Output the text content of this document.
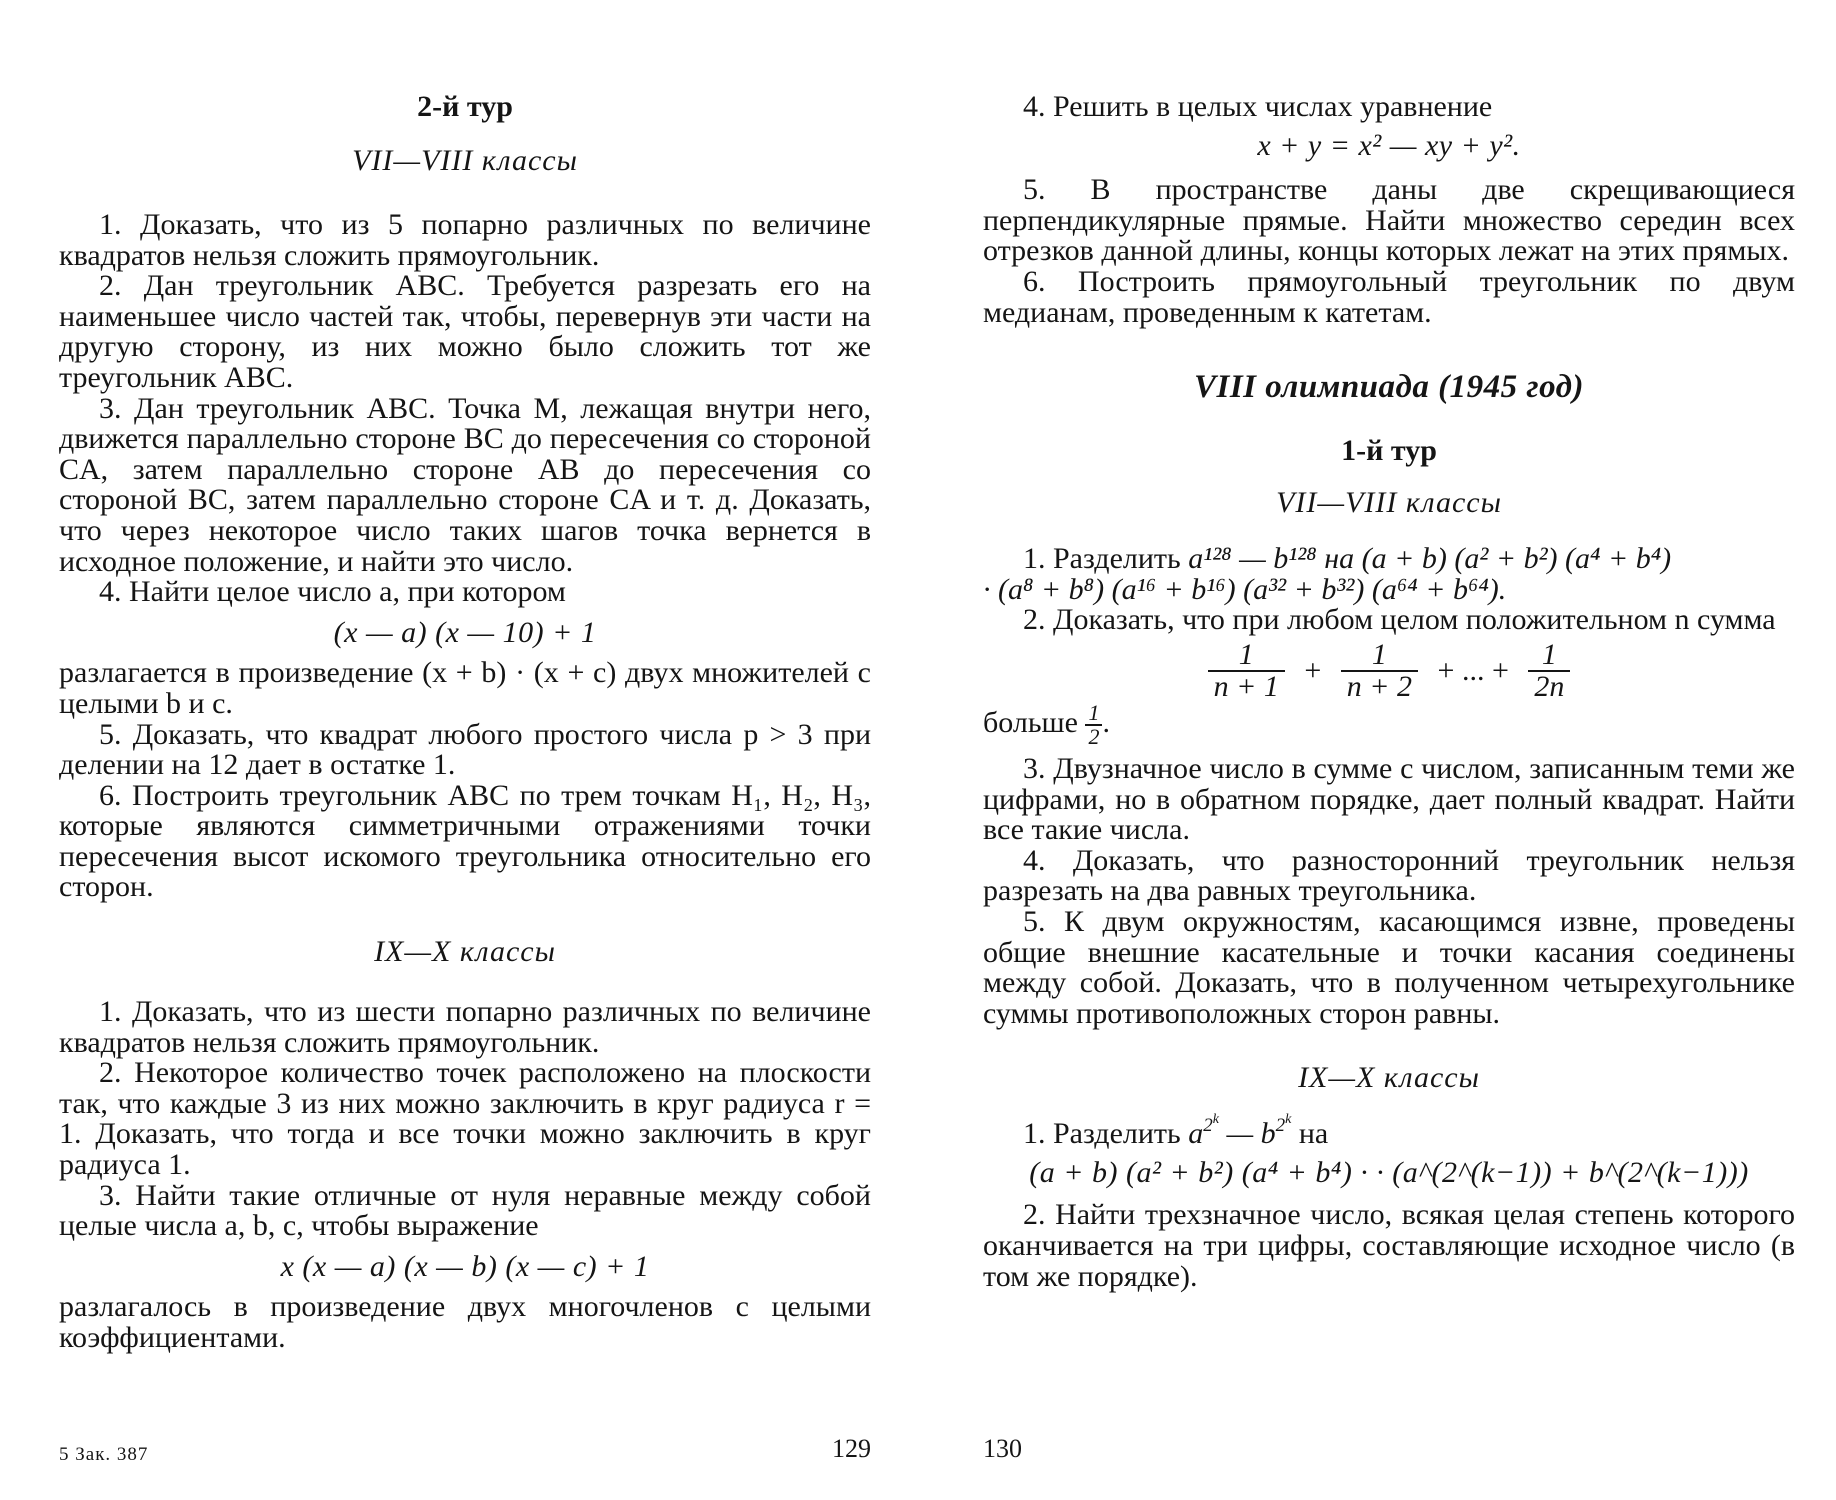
2-й тур

VII—VIII классы

1. Доказать, что из 5 попарно различных по величине квадратов нельзя сложить прямоугольник.

2. Дан треугольник ABC. Требуется разрезать его на наименьшее число частей так, чтобы, перевернув эти части на другую сторону, из них можно было сложить тот же треугольник ABC.

3. Дан треугольник ABC. Точка M, лежащая внутри него, движется параллельно стороне BC до пересечения со стороной CA, затем параллельно стороне AB до пересечения со стороной BC, затем параллельно стороне CA и т. д. Доказать, что через некоторое число таких шагов точка вернется в исходное положение, и найти это число.

4. Найти целое число a, при котором

(x — a) (x — 10) + 1

разлагается в произведение (x + b) · (x + c) двух множителей с целыми b и c.

5. Доказать, что квадрат любого простого числа p > 3 при делении на 12 дает в остатке 1.

6. Построить треугольник ABC по трем точкам H₁, H₂, H₃, которые являются симметричными отражениями точки пересечения высот искомого треугольника относительно его сторон.

IX—X классы

1. Доказать, что из шести попарно различных по величине квадратов нельзя сложить прямоугольник.

2. Некоторое количество точек расположено на плоскости так, что каждые 3 из них можно заключить в круг радиуса r = 1. Доказать, что тогда и все точки можно заключить в круг радиуса 1.

3. Найти такие отличные от нуля неравные между собой целые числа a, b, c, чтобы выражение

x (x — a) (x — b) (x — c) + 1

разлагалось в произведение двух многочленов с целыми коэффициентами.

5 Зак. 387	129

4. Решить в целых числах уравнение

x + y = x² — xy + y².

5. В пространстве даны две скрещивающиеся перпендикулярные прямые. Найти множество середин всех отрезков данной длины, концы которых лежат на этих прямых.

6. Построить прямоугольный треугольник по двум медианам, проведенным к катетам.

VIII олимпиада (1945 год)

1-й тур

VII—VIII классы

1. Разделить a¹²⁸ — b¹²⁸ на (a + b) (a² + b²) (a⁴ + b⁴)

· (a⁸ + b⁸) (a¹⁶ + b¹⁶) (a³² + b³²) (a⁶⁴ + b⁶⁴).

2. Доказать, что при любом целом положительном n сумма

$\frac{1}{n + 1} + \frac{1}{n + 2}$ + ... + $\frac{1}{2n}$

больше $\frac{1}{2}$ .

3. Двузначное число в сумме с числом, записанным теми же цифрами, но в обратном порядке, дает полный квадрат. Найти все такие числа.

4. Доказать, что разносторонний треугольник нельзя разрезать на два равных треугольника.

5. К двум окружностям, касающимся извне, проведены общие внешние касательные и точки касания соединены между собой. Доказать, что в полученном четырехугольнике суммы противоположных сторон равны.

IX—X классы

1. Разделить $a^{2^k}$ — $b^{2^k}$ на

(a + b) (a² + b²) (a⁴ + b⁴) · · (a^(2^(k−1)) + b^(2^(k−1)))

2. Найти трехзначное число, всякая целая степень которого оканчивается на три цифры, составляющие исходное число (в том же порядке).

130
